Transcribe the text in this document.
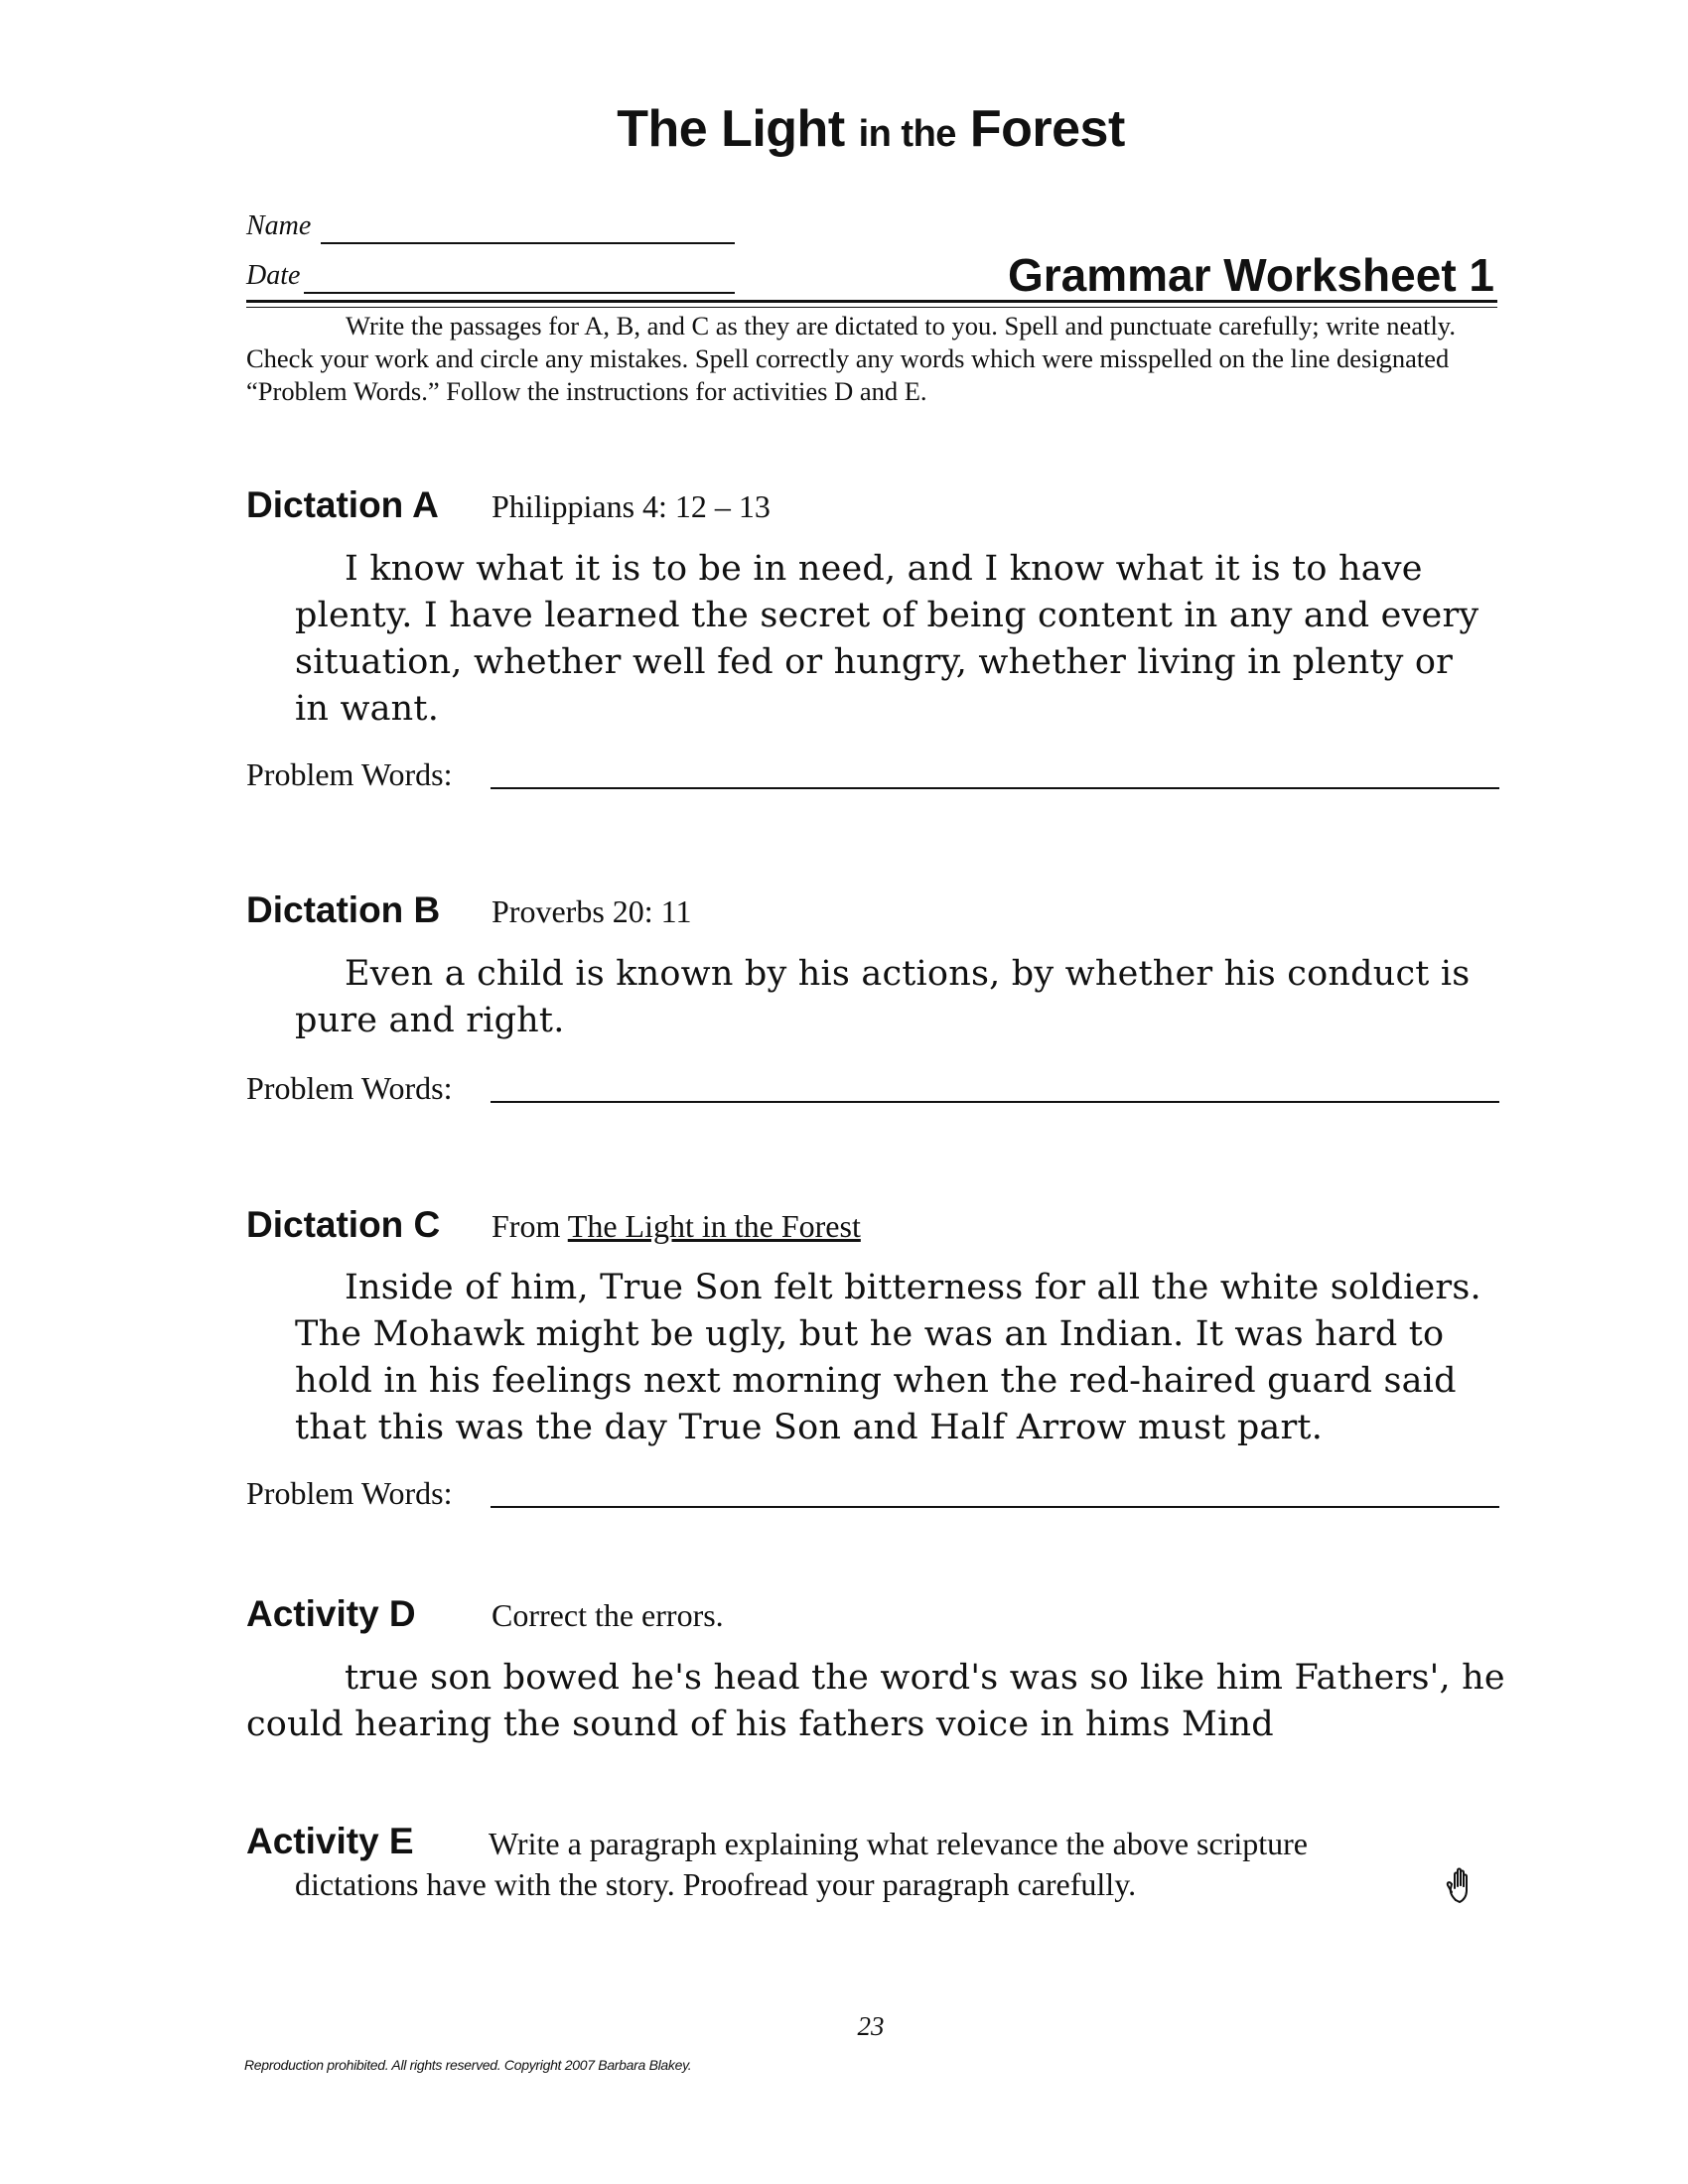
The Light in the Forest
Name
Date	Grammar Worksheet 1
Write the passages for A, B, and C as they are dictated to you. Spell and punctuate carefully; write neatly. Check your work and circle any mistakes. Spell correctly any words which were misspelled on the line designated “Problem Words.” Follow the instructions for activities D and E.
Dictation A Philippians 4: 12 – 13
I know what it is to be in need, and I know what it is to have
plenty. I have learned the secret of being content in any and every
situation, whether well fed or hungry, whether living in plenty or
in want.
Problem Words:
Dictation B Proverbs 20: 11
Even a child is known by his actions, by whether his conduct is
pure and right.
Problem Words:
Dictation C From The Light in the Forest
Inside of him, True Son felt bitterness for all the white soldiers.
The Mohawk might be ugly, but he was an Indian. It was hard to
hold in his feelings next morning when the red-haired guard said
that this was the day True Son and Half Arrow must part.
Problem Words:
Activity D Correct the errors.
true son bowed he's head the word's was so like him Fathers', he
could hearing the sound of his fathers voice in hims Mind
Activity E Write a paragraph explaining what relevance the above scripture
dictations have with the story. Proofread your paragraph carefully.
23
Reproduction prohibited. All rights reserved. Copyright 2007 Barbara Blakey.
